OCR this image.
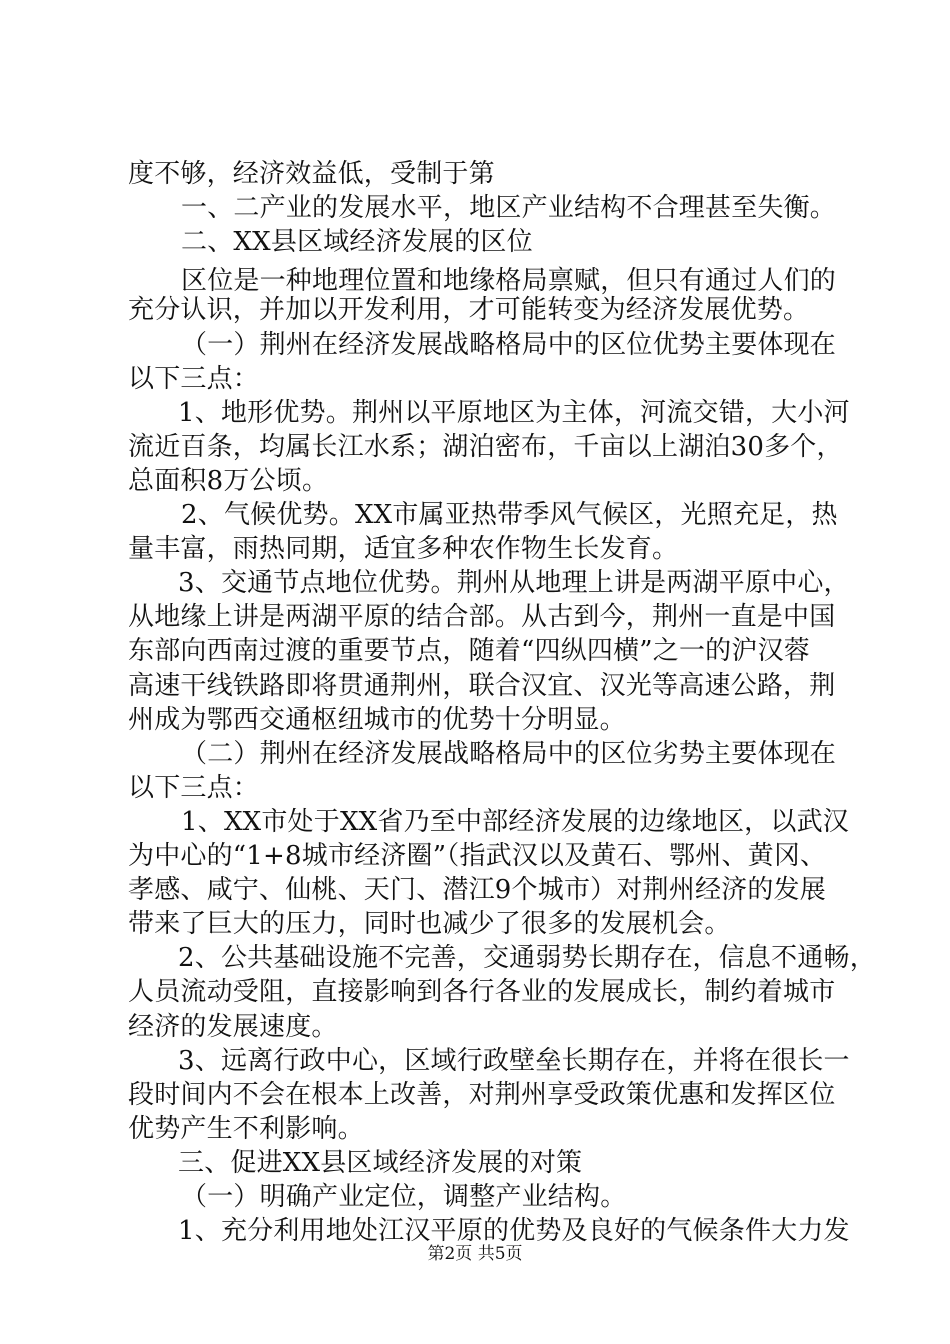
度不够，经济效益低，受制于第

一、二产业的发展水平，地区产业结构不合理甚至失衡。

二、XX县区域经济发展的区位

区位是一种地理位置和地缘格局禀赋，但只有通过人们的

充分认识，并加以开发利用，才可能转变为经济发展优势。

（一）荆州在经济发展战略格局中的区位优势主要体现在

以下三点：

1、地形优势。荆州以平原地区为主体，河流交错，大小河

流近百条，均属长江水系；湖泊密布，千亩以上湖泊30多个，

总面积8万公顷。

2、气候优势。XX市属亚热带季风气候区，光照充足，热

量丰富，雨热同期，适宜多种农作物生长发育。

3、交通节点地位优势。荆州从地理上讲是两湖平原中心，

从地缘上讲是两湖平原的结合部。从古到今，荆州一直是中国

东部向西南过渡的重要节点，随着“四纵四横”之一的沪汉蓉

高速干线铁路即将贯通荆州，联合汉宜、汉光等高速公路，荆

州成为鄂西交通枢纽城市的优势十分明显。

（二）荆州在经济发展战略格局中的区位劣势主要体现在

以下三点：

1、XX市处于XX省乃至中部经济发展的边缘地区，以武汉

为中心的“1+8城市经济圈”（指武汉以及黄石、鄂州、黄冈、

孝感、咸宁、仙桃、天门、潜江9个城市）对荆州经济的发展

带来了巨大的压力，同时也减少了很多的发展机会。

2、公共基础设施不完善，交通弱势长期存在，信息不通畅，

人员流动受阻，直接影响到各行各业的发展成长，制约着城市

经济的发展速度。

3、远离行政中心，区域行政壁垒长期存在，并将在很长一

段时间内不会在根本上改善，对荆州享受政策优惠和发挥区位

优势产生不利影响。

三、促进XX县区域经济发展的对策

（一）明确产业定位，调整产业结构。

1、充分利用地处江汉平原的优势及良好的气候条件大力发

第2页 共5页
